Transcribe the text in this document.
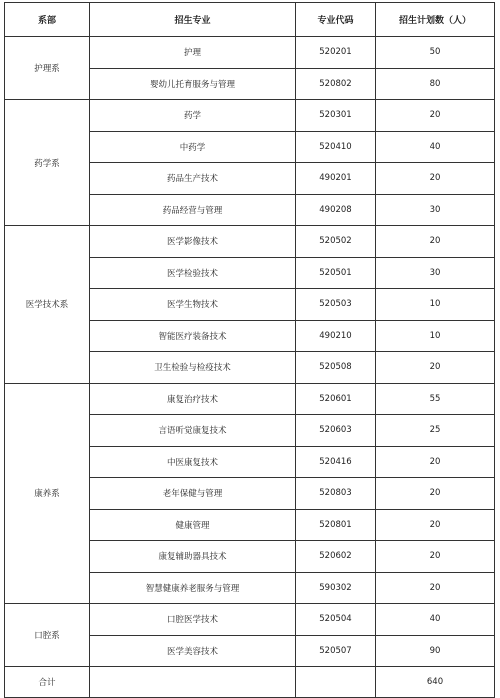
系部	招生专业	专业代码	招生计划数（人）
护理系	护理	520201	50
	婴幼儿托育服务与管理	520802	80
药学系	药学	520301	20
	中药学	520410	40
	药品生产技术	490201	20
	药品经营与管理	490208	30
医学技术系	医学影像技术	520502	20
	医学检验技术	520501	30
	医学生物技术	520503	10
	智能医疗装备技术	490210	10
	卫生检验与检疫技术	520508	20
康养系	康复治疗技术	520601	55
	言语听觉康复技术	520603	25
	中医康复技术	520416	20
	老年保健与管理	520803	20
	健康管理	520801	20
	康复辅助器具技术	520602	20
	智慧健康养老服务与管理	590302	20
口腔系	口腔医学技术	520504	40
	医学美容技术	520507	90
合计			640
